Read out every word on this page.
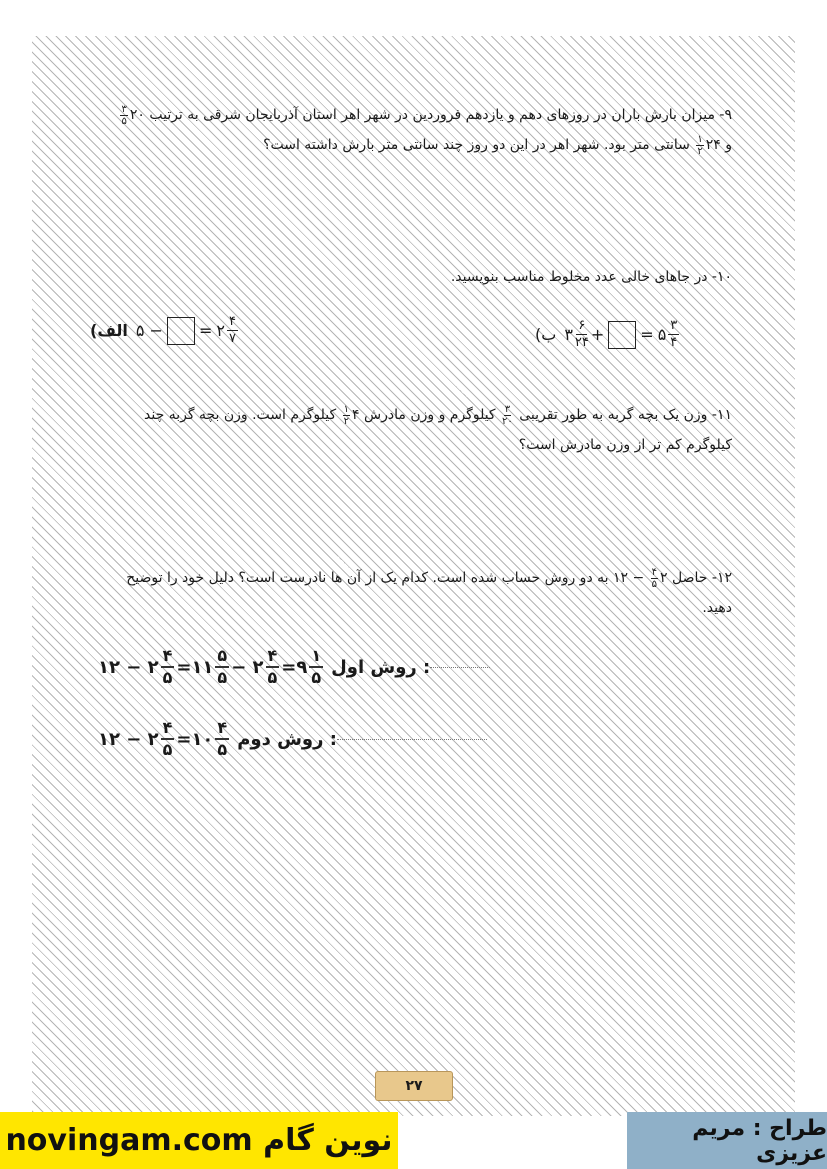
۹- میزان بارش باران در روزهای دهم و یازدهم فروردین در شهر اهر استان آذربایجان شرقی به ترتیب ۲۰
$\frac{۳}{۵}$
و ۲۴
$\frac{۱}{۲}$
سانتی متر بود. شهر اهر در این دو روز چند سانتی متر بارش داشته است؟
۱۰- در جاهای خالی عدد مخلوط مناسب بنویسید.
(الف ۵ − = ۲ ۴
۷	(ب ۳ ۶
۲۴ + = ۵ ۳
۴
۱۱- وزن یک بچه گربه به طور تقریبی
$\frac{۳}{۲۰}$
کیلوگرم و وزن مادرش ۴
$\frac{۱}{۲}$
کیلوگرم است. وزن بچه گربه چند
کیلوگرم کم تر از وزن مادرش است؟
۱۲- حاصل ۲
$\frac{۴}{۵}$
− ۱۲ به دو روش حساب شده است. کدام یک از آن ها نادرست است؟ دلیل خود را توضیح
دهید.
۱۲ − ۲
۴
۵ = ۱۱
۵
۵ − ۲
۴
۵ = ۹
۱
۵ : روش اول
۱۲ − ۲
۴
۵ = ۱۰
۴
۵ : روش دوم
۲۷
novingam.com نوین گام	طراح : مریم عزیزی
